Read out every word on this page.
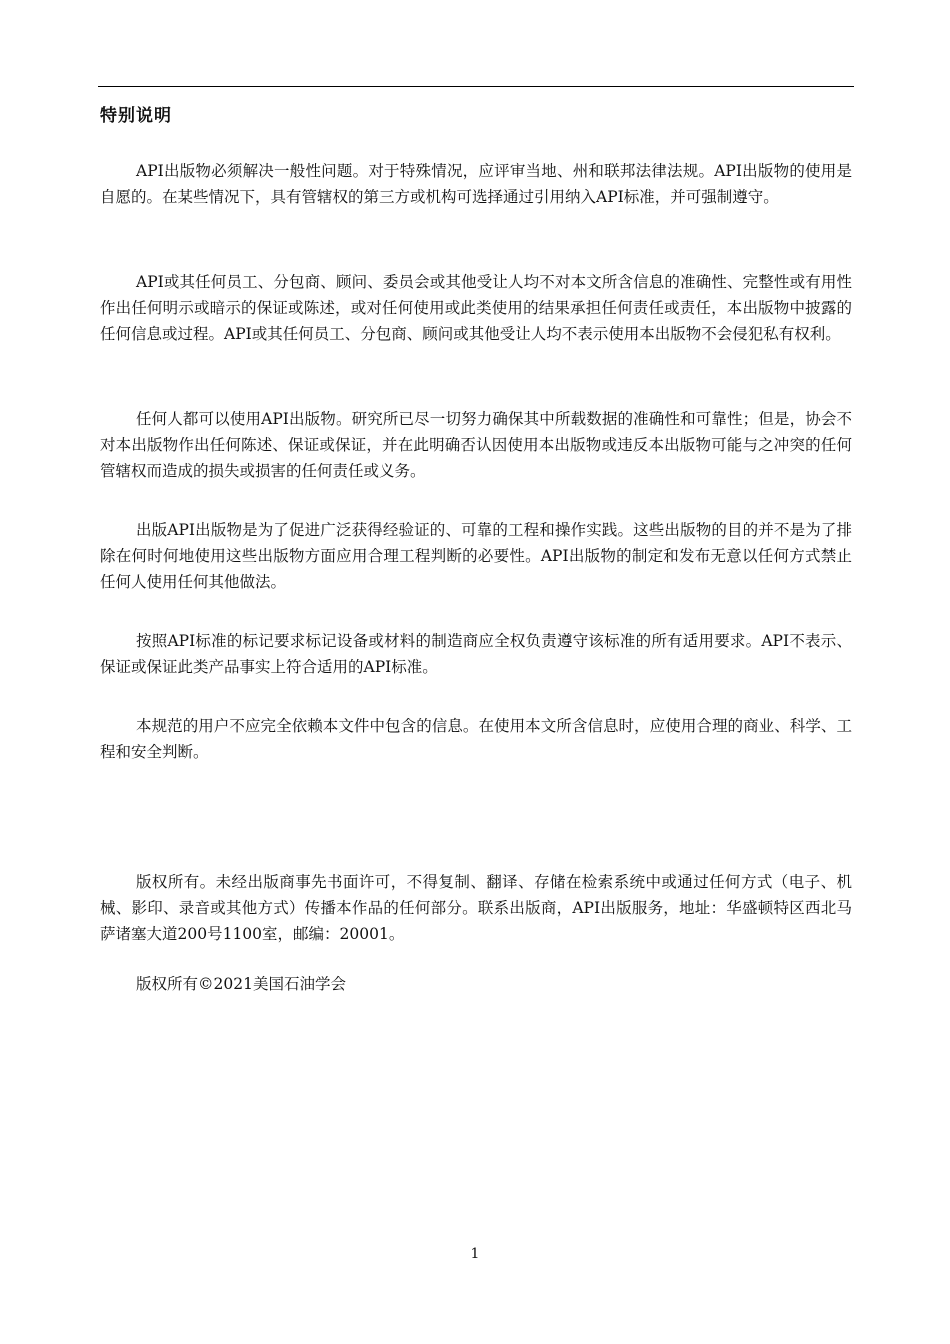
特别说明

API出版物必须解决一般性问题。对于特殊情况，应评审当地、州和联邦法律法规。API出版物的使用是自愿的。在某些情况下，具有管辖权的第三方或机构可选择通过引用纳入API标准，并可强制遵守。

API或其任何员工、分包商、顾问、委员会或其他受让人均不对本文所含信息的准确性、完整性或有用性作出任何明示或暗示的保证或陈述，或对任何使用或此类使用的结果承担任何责任或责任，本出版物中披露的任何信息或过程。API或其任何员工、分包商、顾问或其他受让人均不表示使用本出版物不会侵犯私有权利。

任何人都可以使用API出版物。研究所已尽一切努力确保其中所载数据的准确性和可靠性；但是，协会不对本出版物作出任何陈述、保证或保证，并在此明确否认因使用本出版物或违反本出版物可能与之冲突的任何管辖权而造成的损失或损害的任何责任或义务。

出版API出版物是为了促进广泛获得经验证的、可靠的工程和操作实践。这些出版物的目的并不是为了排除在何时何地使用这些出版物方面应用合理工程判断的必要性。API出版物的制定和发布无意以任何方式禁止任何人使用任何其他做法。

按照API标准的标记要求标记设备或材料的制造商应全权负责遵守该标准的所有适用要求。API不表示、保证或保证此类产品事实上符合适用的API标准。

本规范的用户不应完全依赖本文件中包含的信息。在使用本文所含信息时，应使用合理的商业、科学、工程和安全判断。

版权所有。未经出版商事先书面许可，不得复制、翻译、存储在检索系统中或通过任何方式（电子、机械、影印、录音或其他方式）传播本作品的任何部分。联系出版商，API出版服务，地址：华盛顿特区西北马萨诸塞大道200号1100室，邮编：20001。

版权所有©2021美国石油学会

1
